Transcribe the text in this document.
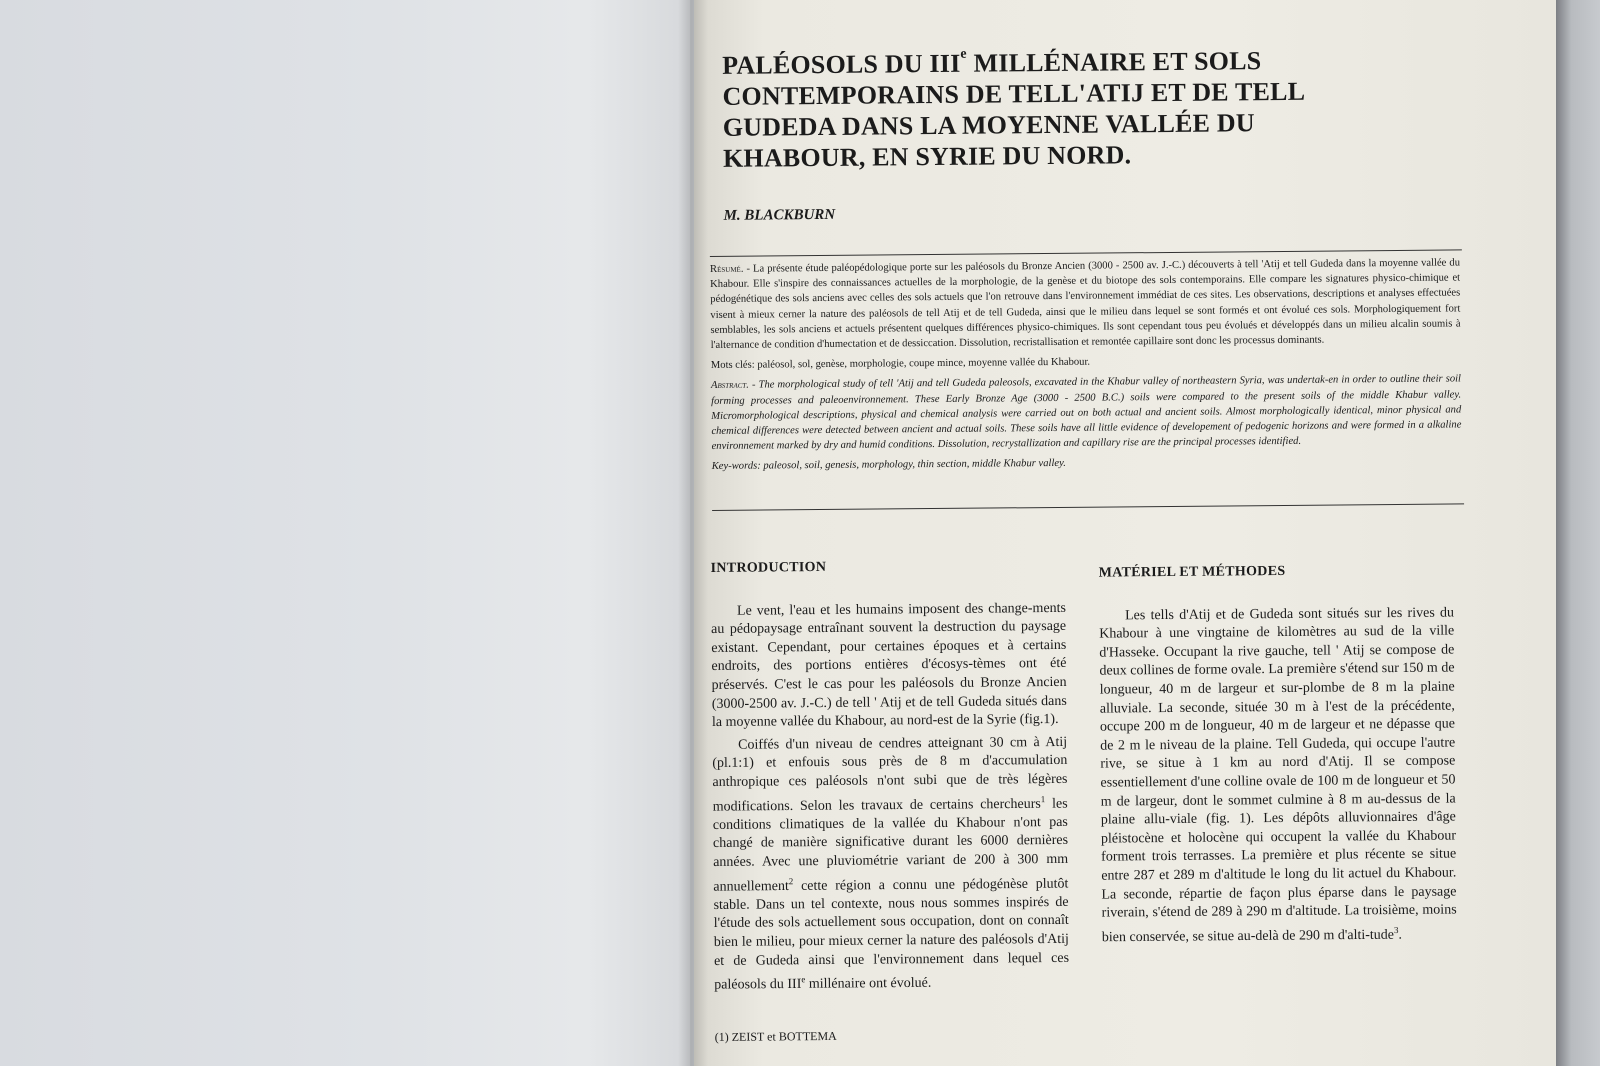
PALÉOSOLS DU IIIe MILLÉNAIRE ET SOLS CONTEMPORAINS DE TELL'ATIJ ET DE TELL GUDEDA DANS LA MOYENNE VALLÉE DU KHABOUR, EN SYRIE DU NORD.
M. BLACKBURN

Résumé. - La présente étude paléopédologique porte sur les paléosols du Bronze Ancien (3000 - 2500 av. J.-C.) découverts à tell 'Atij et tell Gudeda dans la moyenne vallée du Khabour. Elle s'inspire des connaissances actuelles de la morphologie, de la genèse et du biotope des sols contemporains. Elle compare les signatures physico-chimique et pédogénétique des sols anciens avec celles des sols actuels que l'on retrouve dans l'environnement immédiat de ces sites. Les observations, descriptions et analyses effectuées visent à mieux cerner la nature des paléosols de tell Atij et de tell Gudeda, ainsi que le milieu dans lequel se sont formés et ont évolué ces sols. Morphologiquement fort semblables, les sols anciens et actuels présentent quelques différences physico-chimiques. Ils sont cependant tous peu évolués et développés dans un milieu alcalin soumis à l'alternance de condition d'humectation et de dessiccation. Dissolution, recristallisation et remontée capillaire sont donc les processus dominants.

Mots clés: paléosol, sol, genèse, morphologie, coupe mince, moyenne vallée du Khabour.

Abstract. - The morphological study of tell 'Atij and tell Gudeda paleosols, excavated in the Khabur valley of northeastern Syria, was undertak-en in order to outline their soil forming processes and paleoenvironnement. These Early Bronze Age (3000 - 2500 B.C.) soils were compared to the present soils of the middle Khabur valley. Micromorphological descriptions, physical and chemical analysis were carried out on both actual and ancient soils. Almost morphologically identical, minor physical and chemical differences were detected between ancient and actual soils. These soils have all little evidence of developement of pedogenic horizons and were formed in a alkaline environnement marked by dry and humid conditions. Dissolution, recrystallization and capillary rise are the principal processes identified.

Key-words: paleosol, soil, genesis, morphology, thin section, middle Khabur valley.

INTRODUCTION

Le vent, l'eau et les humains imposent des change-ments au pédopaysage entraînant souvent la destruction du paysage existant. Cependant, pour certaines époques et à certains endroits, des portions entières d'écosys-tèmes ont été préservés. C'est le cas pour les paléosols du Bronze Ancien (3000-2500 av. J.-C.) de tell ' Atij et de tell Gudeda situés dans la moyenne vallée du Khabour, au nord-est de la Syrie (fig.1).

Coiffés d'un niveau de cendres atteignant 30 cm à Atij (pl.1:1) et enfouis sous près de 8 m d'accumulation anthropique ces paléosols n'ont subi que de très légères modifications. Selon les travaux de certains chercheurs$^1$ les conditions climatiques de la vallée du Khabour n'ont pas changé de manière significative durant les 6000 dernières années. Avec une pluviométrie variant de 200 à 300 mm annuellement$^2$ cette région a connu une pédogénèse plutôt stable. Dans un tel contexte, nous nous sommes inspirés de l'étude des sols actuellement sous occupation, dont on connaît bien le milieu, pour mieux cerner la nature des paléosols d'Atij et de Gudeda ainsi que l'environnement dans lequel ces paléosols du IIIe millénaire ont évolué.

(1) ZEIST et BOTTEMA
MATÉRIEL ET MÉTHODES

Les tells d'Atij et de Gudeda sont situés sur les rives du Khabour à une vingtaine de kilomètres au sud de la ville d'Hasseke. Occupant la rive gauche, tell ' Atij se compose de deux collines de forme ovale. La première s'étend sur 150 m de longueur, 40 m de largeur et sur-plombe de 8 m la plaine alluviale. La seconde, située 30 m à l'est de la précédente, occupe 200 m de longueur, 40 m de largeur et ne dépasse que de 2 m le niveau de la plaine. Tell Gudeda, qui occupe l'autre rive, se situe à 1 km au nord d'Atij. Il se compose essentiellement d'une colline ovale de 100 m de longueur et 50 m de largeur, dont le sommet culmine à 8 m au-dessus de la plaine allu-viale (fig. 1). Les dépôts alluvionnaires d'âge pléistocène et holocène qui occupent la vallée du Khabour forment trois terrasses. La première et plus récente se situe entre 287 et 289 m d'altitude le long du lit actuel du Khabour. La seconde, répartie de façon plus éparse dans le paysage riverain, s'étend de 289 à 290 m d'altitude. La troisième, moins bien conservée, se situe au-delà de 290 m d'alti-tude$^3$.
